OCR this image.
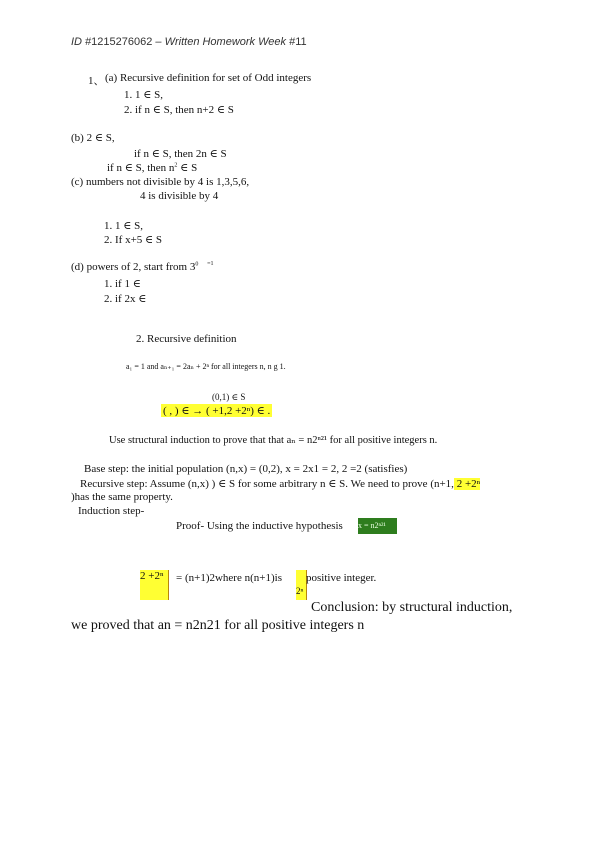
ID #1215276062 – Written Homework Week #11
1、 (a) Recursive definition for set of Odd integers
1. 1 ∈ S,
2. if n ∈ S, then n+2 ∈ S
(b) 2 ∈ S,
if n ∈ S, then 2n ∈ S
if n ∈ S, then $n^2$ ∈ S
(c) numbers not divisible by 4 is 1,3,5,6,
4 is divisible by 4
1. 1 ∈ S,
2. If x+5 ∈ S
(d) powers of 2, start from $3^0$ $^{=1}$
1. if 1 ∈
2. if 2x ∈
2. Recursive definition
a₁ = 1 and aₙ₊₁ = 2aₙ + 2ⁿ for all integers n, n g 1.
(0,1) ∈ S
( , ) ∈ → ( +1,2 +2ⁿ) ∈ .
Use structural induction to prove that that aₙ = n2ⁿ²¹ for all positive integers n.
Base step: the initial population (n,x) = (0,2), x = 2x1 = 2, 2 =2 (satisfies)
Recursive step: Assume (n,x) ) ∈ S for some arbitrary n ∈ S. We need to prove (n+1, 2 +2ⁿ
)has the same property.
Induction step-
Proof- Using the inductive hypothesis x = n2ⁿ²¹
2 +2ⁿ	= (n+1)2where n(n+1)is
2ⁿ
positive integer.
Conclusion: by structural induction,
we proved that an = n2n21 for all positive integers n
